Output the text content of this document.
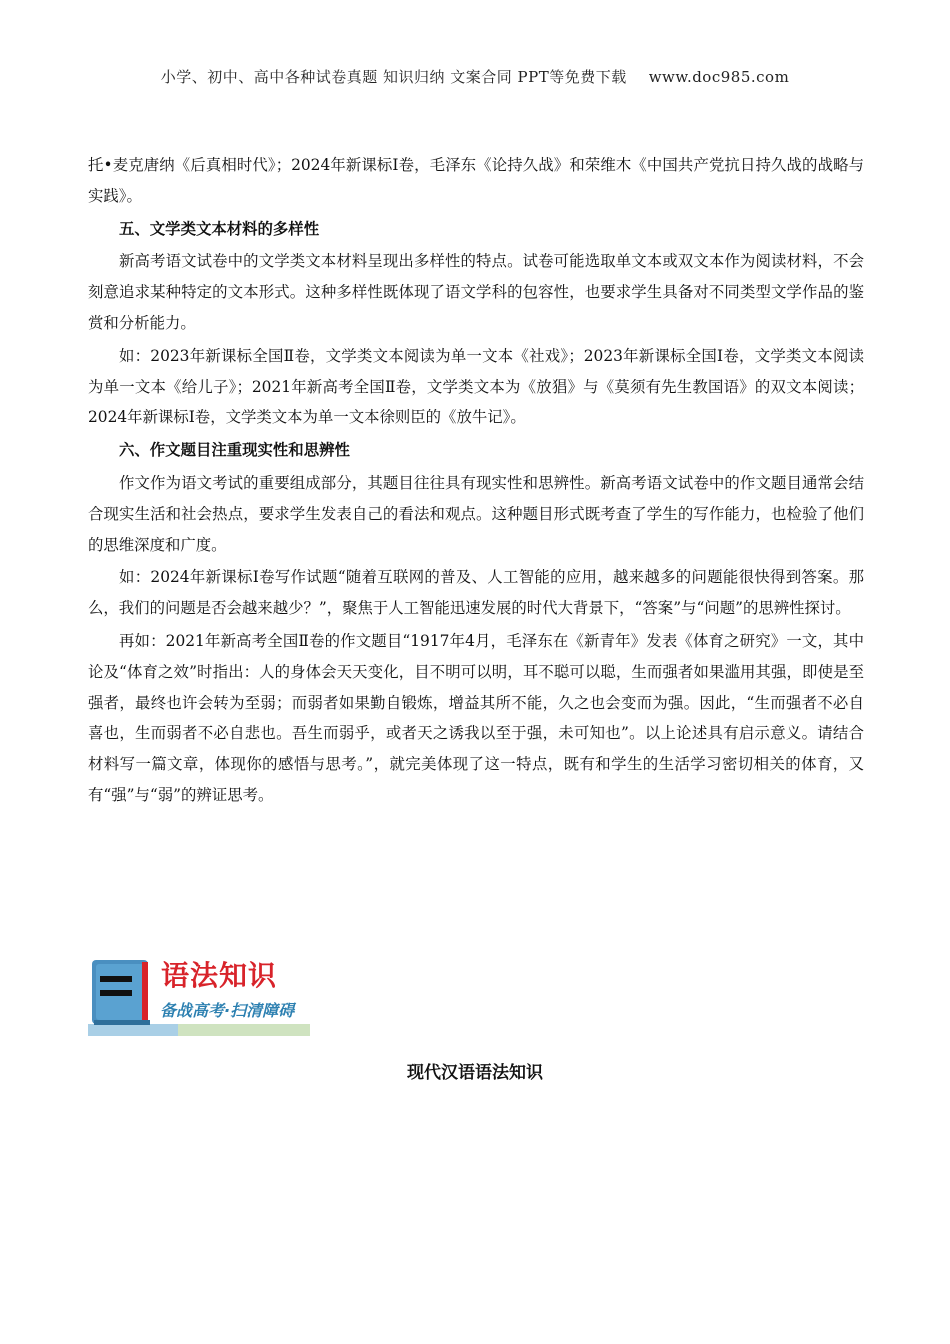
小学、初中、高中各种试卷真题 知识归纳 文案合同 PPT等免费下载 www.doc985.com

托•麦克唐纳《后真相时代》；2024年新课标Ⅰ卷，毛泽东《论持久战》和荣维木《中国共产党抗日持久战的战略与实践》。

五、文学类文本材料的多样性

新高考语文试卷中的文学类文本材料呈现出多样性的特点。试卷可能选取单文本或双文本作为阅读材料，不会刻意追求某种特定的文本形式。这种多样性既体现了语文学科的包容性，也要求学生具备对不同类型文学作品的鉴赏和分析能力。

如：2023年新课标全国Ⅱ卷，文学类文本阅读为单一文本《社戏》；2023年新课标全国Ⅰ卷，文学类文本阅读为单一文本《给儿子》；2021年新高考全国Ⅱ卷，文学类文本为《放猖》与《莫须有先生教国语》的双文本阅读；2024年新课标Ⅰ卷，文学类文本为单一文本徐则臣的《放牛记》。

六、作文题目注重现实性和思辨性

作文作为语文考试的重要组成部分，其题目往往具有现实性和思辨性。新高考语文试卷中的作文题目通常会结合现实生活和社会热点，要求学生发表自己的看法和观点。这种题目形式既考查了学生的写作能力，也检验了他们的思维深度和广度。

如：2024年新课标Ⅰ卷写作试题“随着互联网的普及、人工智能的应用，越来越多的问题能很快得到答案。那么，我们的问题是否会越来越少？”，聚焦于人工智能迅速发展的时代大背景下，“答案”与“问题”的思辨性探讨。

再如：2021年新高考全国Ⅱ卷的作文题目“1917年4月，毛泽东在《新青年》发表《体育之研究》一文，其中论及“体育之效”时指出：人的身体会天天变化，目不明可以明，耳不聪可以聪，生而强者如果滥用其强，即使是至强者，最终也许会转为至弱；而弱者如果勤自锻炼，增益其所不能，久之也会变而为强。因此，“生而强者不必自喜也，生而弱者不必自悲也。吾生而弱乎，或者天之诱我以至于强，未可知也”。以上论述具有启示意义。请结合材料写一篇文章，体现你的感悟与思考。”，就完美体现了这一特点，既有和学生的生活学习密切相关的体育，又有“强”与“弱”的辨证思考。

语法知识
备战高考·扫清障碍
现代汉语语法知识
